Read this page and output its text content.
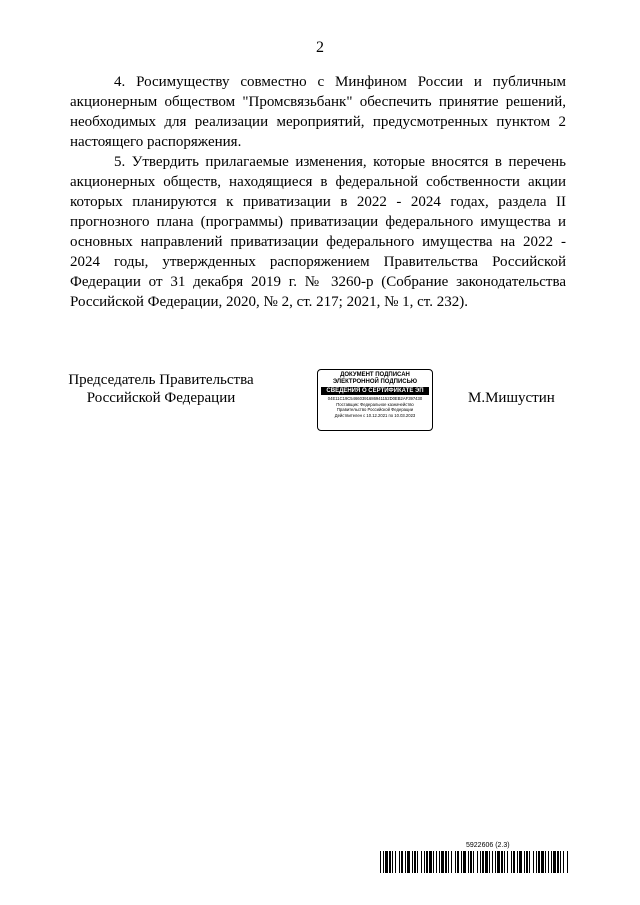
2

4. Росимуществу совместно с Минфином России и публичным акционерным обществом "Промсвязьбанк" обеспечить принятие решений, необходимых для реализации мероприятий, предусмотренных пунктом 2 настоящего распоряжения.

5. Утвердить прилагаемые изменения, которые вносятся в перечень акционерных обществ, находящиеся в федеральной собственности акции которых планируются к приватизации в 2022 - 2024 годах, раздела II прогнозного плана (программы) приватизации федерального имущества и основных направлений приватизации федерального имущества на 2022 - 2024 годы, утвержденных распоряжением Правительства Российской Федерации от 31 декабря 2019 г. № 3260-р (Собрание законодательства Российской Федерации, 2020, № 2, ст. 217; 2021, № 1, ст. 232).

Председатель Правительства
Российской Федерации
ДОКУМЕНТ ПОДПИСАН
ЭЛЕКТРОННОЙ ПОДПИСЬЮ
СВЕДЕНИЯ О СЕРТИФИКАТЕ ЭП
04E11C19C54660391686941152D0EB2AF397430
Поставщик: Федеральное казначейство
Правительство Российской Федерации
Действителен с 10.12.2021 по 10.03.2023
М.Мишустин
5922606 (2.3)
